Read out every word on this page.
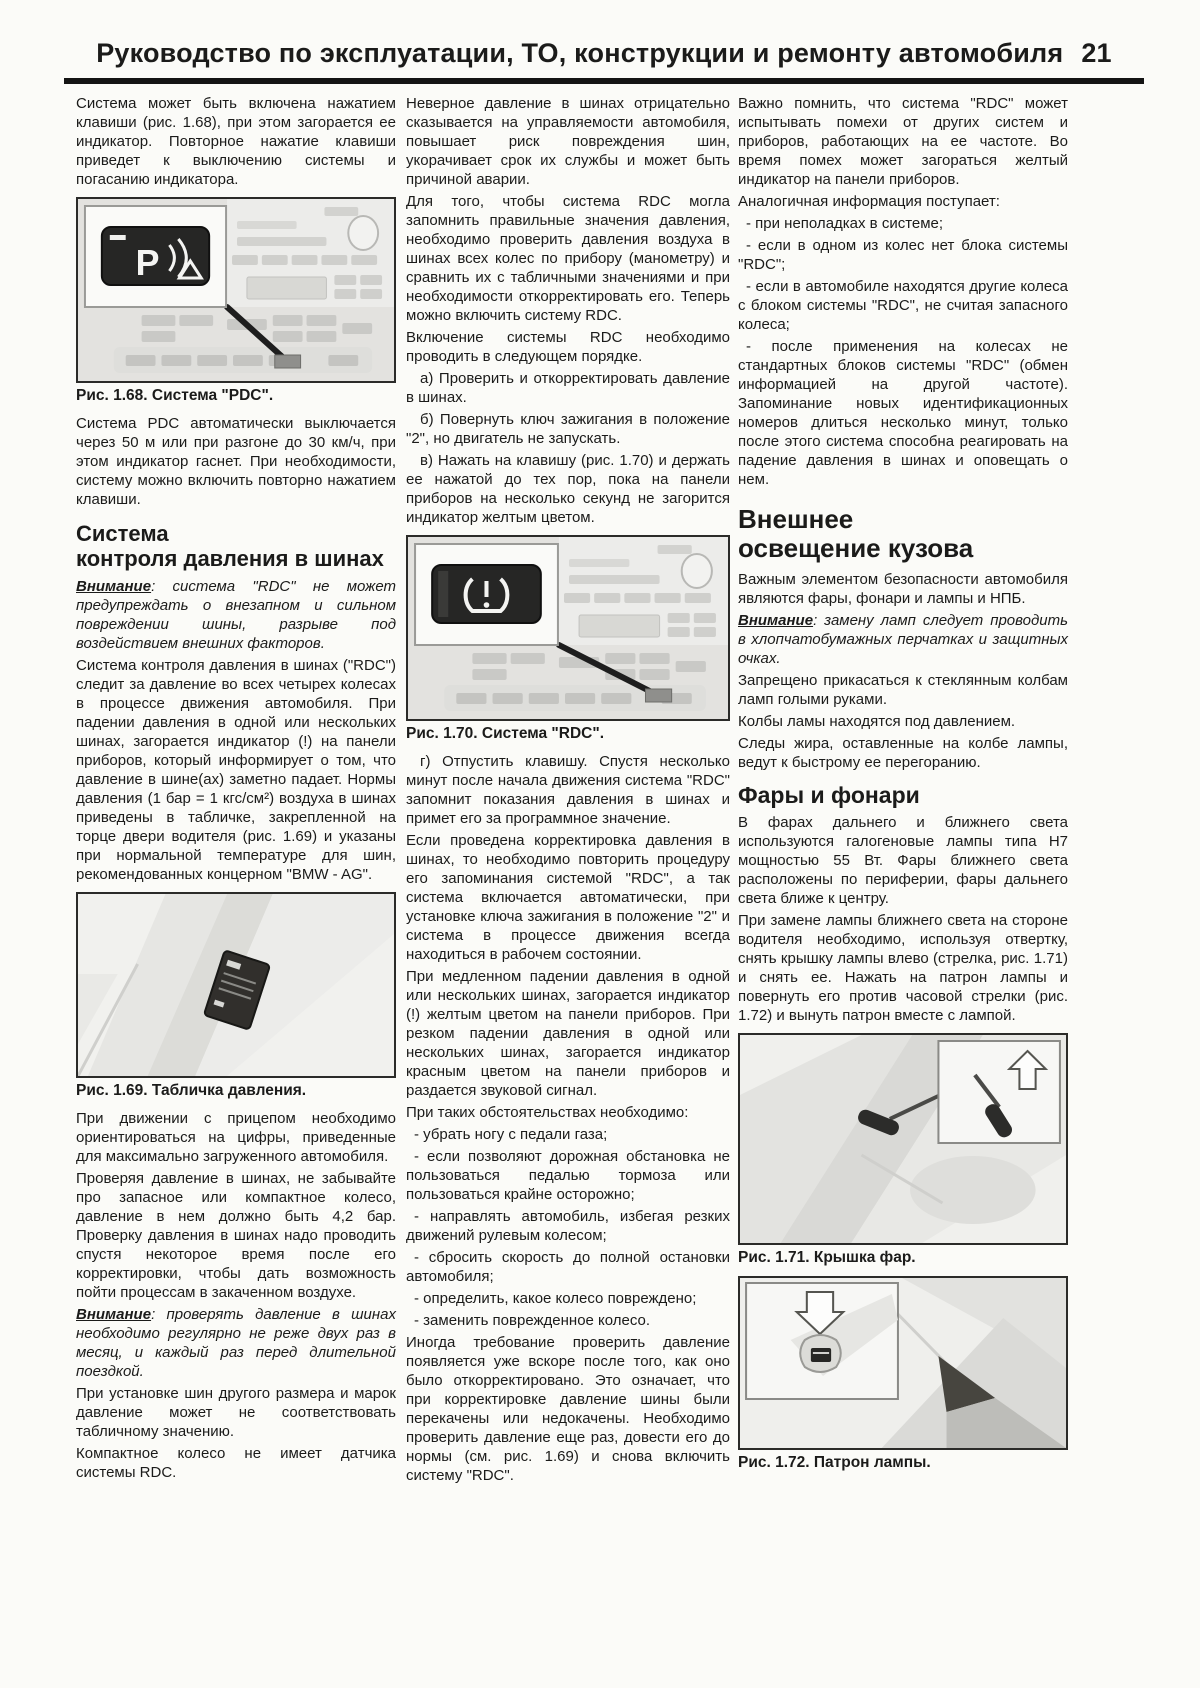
Руководство по эксплуатации, ТО, конструкции и ремонту автомобиля 21

Система может быть включена нажатием клавиши (рис. 1.68), при этом загорается ее индикатор. Повторное нажатие клавиши приведет к выключению системы и погасанию индикатора.

P

Рис. 1.68. Система "PDC".

Система PDC автоматически выключается через 50 м или при разгоне до 30 км/ч, при этом индикатор гаснет. При необходимости, систему можно включить повторно нажатием клавиши.

Система
контроля давления в шинах

Внимание: система "RDC" не может предупреждать о внезапном и сильном повреждении шины, разрыве под воздействием внешних факторов.

Система контроля давления в шинах ("RDC") следит за давление во всех четырех колесах в процессе движения автомобиля. При падении давления в одной или нескольких шинах, загорается индикатор (!) на панели приборов, который информирует о том, что давление в шине(ах) заметно падает. Нормы давления (1 бар = 1 кгс/см²) воздуха в шинах приведены в табличке, закрепленной на торце двери водителя (рис. 1.69) и указаны при нормальной температуре для шин, рекомендованных концерном "BMW - AG".

Рис. 1.69. Табличка давления.

При движении с прицепом необходимо ориентироваться на цифры, приведенные для максимально загруженного автомобиля.

Проверяя давление в шинах, не забывайте про запасное или компактное колесо, давление в нем должно быть 4,2 бар. Проверку давления в шинах надо проводить спустя некоторое время после его корректировки, чтобы дать возможность пойти процессам в закаченном воздухе.

Внимание: проверять давление в шинах необходимо регулярно не реже двух раз в месяц, и каждый раз перед длительной поездкой.

При установке шин другого размера и марок давление может не соответствовать табличному значению.

Компактное колесо не имеет датчика системы RDC.

Неверное давление в шинах отрицательно сказывается на управляемости автомобиля, повышает риск повреждения шин, укорачивает срок их службы и может быть причиной аварии.

Для того, чтобы система RDC могла запомнить правильные значения давления, необходимо проверить давления воздуха в шинах всех колес по прибору (манометру) и сравнить их с табличными значениями и при необходимости откорректировать его. Теперь можно включить систему RDC.

Включение системы RDC необходимо проводить в следующем порядке.

а) Проверить и откорректировать давление в шинах.

б) Повернуть ключ зажигания в положение "2", но двигатель не запускать.

в) Нажать на клавишу (рис. 1.70) и держать ее нажатой до тех пор, пока на панели приборов на несколько секунд не загорится индикатор желтым цветом.

Рис. 1.70. Система "RDC".

г) Отпустить клавишу. Спустя несколько минут после начала движения система "RDC" запомнит показания давления в шинах и примет его за программное значение.

Если проведена корректировка давления в шинах, то необходимо повторить процедуру его запоминания системой "RDC", а так система включается автоматически, при установке ключа зажигания в положение "2" и система в процессе движения всегда находиться в рабочем состоянии.

При медленном падении давления в одной или нескольких шинах, загорается индикатор (!) желтым цветом на панели приборов. При резком падении давления в одной или нескольких шинах, загорается индикатор красным цветом на панели приборов и раздается звуковой сигнал.

При таких обстоятельствах необходимо:

- убрать ногу с педали газа;

- если позволяют дорожная обстановка не пользоваться педалью тормоза или пользоваться крайне осторожно;

- направлять автомобиль, избегая резких движений рулевым колесом;

- сбросить скорость до полной остановки автомобиля;

- определить, какое колесо повреждено;

- заменить поврежденное колесо.

Иногда требование проверить давление появляется уже вскоре после того, как оно было откорректировано. Это означает, что при корректировке давление шины были перекачены или недокачены. Необходимо проверить давление еще раз, довести его до нормы (см. рис. 1.69) и снова включить систему "RDC".

Важно помнить, что система "RDC" может испытывать помехи от других систем и приборов, работающих на ее частоте. Во время помех может загораться желтый индикатор на панели приборов.

Аналогичная информация поступает:

- при неполадках в системе;

- если в одном из колес нет блока системы "RDC";

- если в автомобиле находятся другие колеса с блоком системы "RDC", не считая запасного колеса;

- после применения на колесах не стандартных блоков системы "RDC" (обмен информацией на другой частоте). Запоминание новых идентификационных номеров длиться несколько минут, только после этого система способна реагировать на падение давления в шинах и оповещать о нем.

Внешнее
освещение кузова

Важным элементом безопасности автомобиля являются фары, фонари и лампы и НПБ.

Внимание: замену ламп следует проводить в хлопчатобумажных перчатках и защитных очках.

Запрещено прикасаться к стеклянным колбам ламп голыми руками.

Колбы ламы находятся под давлением.

Следы жира, оставленные на колбе лампы, ведут к быстрому ее перегоранию.

Фары и фонари

В фарах дальнего и ближнего света используются галогеновые лампы типа Н7 мощностью 55 Вт. Фары ближнего света расположены по периферии, фары дальнего света ближе к центру.

При замене лампы ближнего света на стороне водителя необходимо, используя отвертку, снять крышку лампы влево (стрелка, рис. 1.71) и снять ее. Нажать на патрон лампы и повернуть его против часовой стрелки (рис. 1.72) и вынуть патрон вместе с лампой.

Рис. 1.71. Крышка фар.

Рис. 1.72. Патрон лампы.
